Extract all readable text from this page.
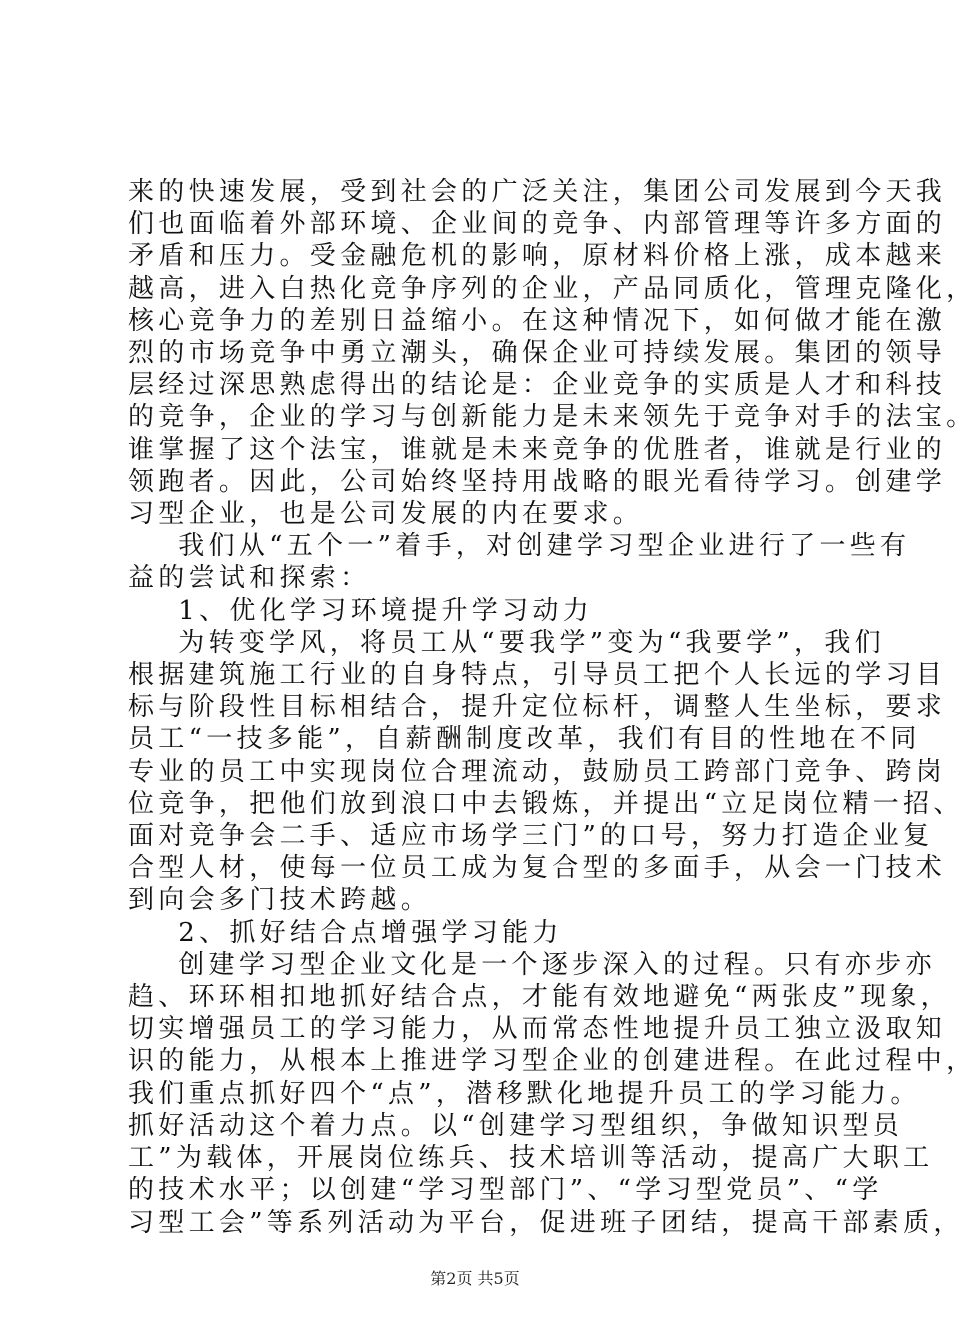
来的快速发展，受到社会的广泛关注，集团公司发展到今天我

们也面临着外部环境、企业间的竞争、内部管理等许多方面的

矛盾和压力。受金融危机的影响，原材料价格上涨，成本越来

越高，进入白热化竞争序列的企业，产品同质化，管理克隆化，

核心竞争力的差别日益缩小。在这种情况下，如何做才能在激

烈的市场竞争中勇立潮头，确保企业可持续发展。集团的领导

层经过深思熟虑得出的结论是：企业竞争的实质是人才和科技

的竞争，企业的学习与创新能力是未来领先于竞争对手的法宝。

谁掌握了这个法宝，谁就是未来竞争的优胜者，谁就是行业的

领跑者。因此，公司始终坚持用战略的眼光看待学习。创建学

习型企业，也是公司发展的内在要求。

我们从“五个一”着手，对创建学习型企业进行了一些有

益的尝试和探索：

1、优化学习环境提升学习动力

为转变学风，将员工从“要我学”变为“我要学”，我们

根据建筑施工行业的自身特点，引导员工把个人长远的学习目

标与阶段性目标相结合，提升定位标杆，调整人生坐标，要求

员工“一技多能”，自薪酬制度改革，我们有目的性地在不同

专业的员工中实现岗位合理流动，鼓励员工跨部门竞争、跨岗

位竞争，把他们放到浪口中去锻炼，并提出“立足岗位精一招、

面对竞争会二手、适应市场学三门”的口号，努力打造企业复

合型人材，使每一位员工成为复合型的多面手，从会一门技术

到向会多门技术跨越。

2、抓好结合点增强学习能力

创建学习型企业文化是一个逐步深入的过程。只有亦步亦

趋、环环相扣地抓好结合点，才能有效地避免“两张皮”现象，

切实增强员工的学习能力，从而常态性地提升员工独立汲取知

识的能力，从根本上推进学习型企业的创建进程。在此过程中，

我们重点抓好四个“点”，潜移默化地提升员工的学习能力。

抓好活动这个着力点。以“创建学习型组织，争做知识型员

工”为载体，开展岗位练兵、技术培训等活动，提高广大职工

的技术水平；以创建“学习型部门”、“学习型党员”、“学

习型工会”等系列活动为平台，促进班子团结，提高干部素质，

第2页 共5页
